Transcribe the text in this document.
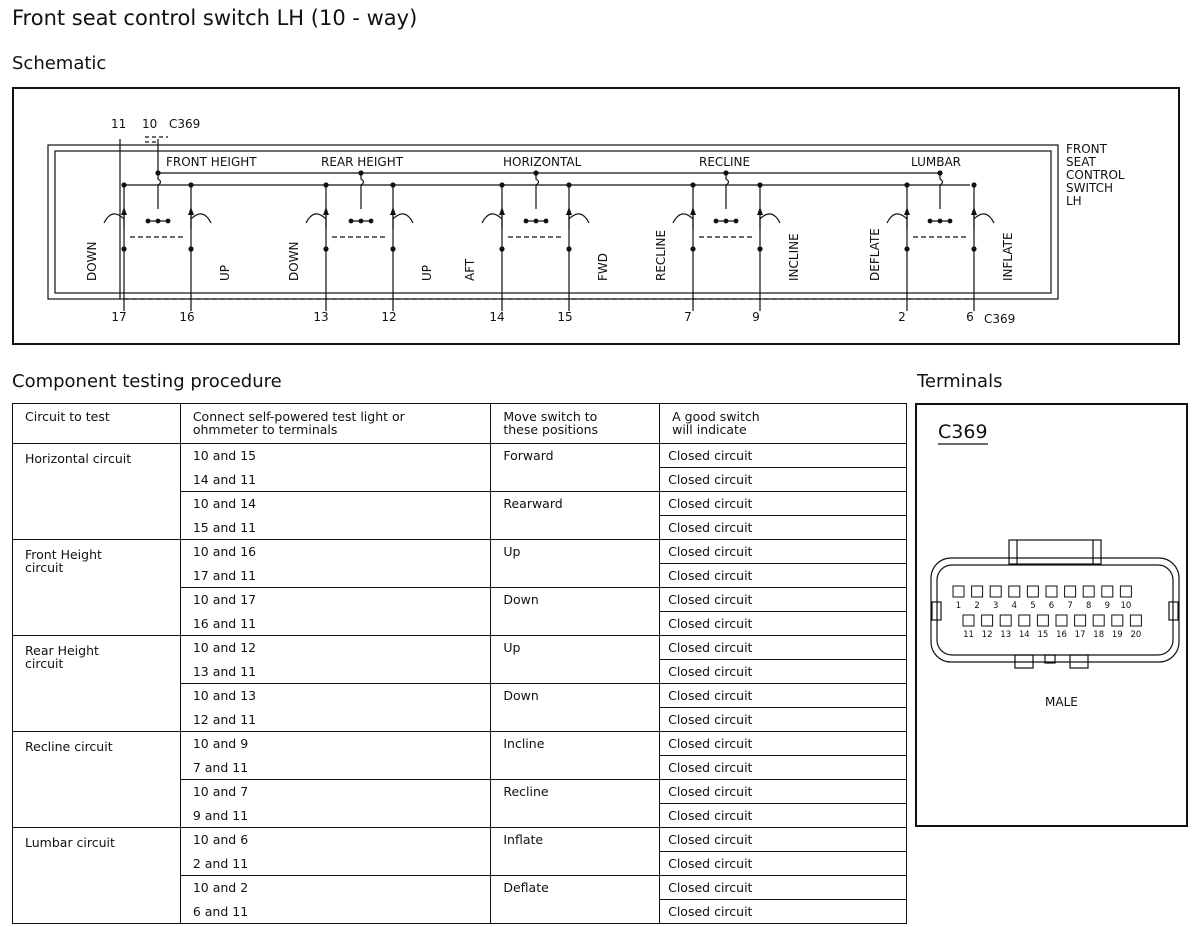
Front seat control switch LH (10 - way)
Schematic
FRONT HEIGHT
DOWN	UP
17	16
REAR HEIGHT
DOWN	UP
13	12
HORIZONTAL
AFT	FWD
14	15
RECLINE
RECLINE	INCLINE
7	9
LUMBAR
DEFLATE	INFLATE
2	6
11 10 C369
C369
FRONT
SEAT
CONTROL
SWITCH
LH
Component testing procedure
Circuit to test	Connect self-powered test light or ohmmeter to terminals	Move switch to these positions	A good switch will indicate
Horizontal circuit	10 and 15	Forward	Closed circuit
	14 and 11		Closed circuit
	10 and 14	Rearward	Closed circuit
	15 and 11		Closed circuit
Front Height circuit	10 and 16	Up	Closed circuit
	17 and 11		Closed circuit
	10 and 17	Down	Closed circuit
	16 and 11		Closed circuit
Rear Height circuit	10 and 12	Up	Closed circuit
	13 and 11		Closed circuit
	10 and 13	Down	Closed circuit
	12 and 11		Closed circuit
Recline circuit	10 and 9	Incline	Closed circuit
	7 and 11		Closed circuit
	10 and 7	Recline	Closed circuit
	9 and 11		Closed circuit
Lumbar circuit	10 and 6	Inflate	Closed circuit
	2 and 11		Closed circuit
	10 and 2	Deflate	Closed circuit
	6 and 11		Closed circuit
Terminals
C369
1 2 3 4 5 6 7 8 9 10
11 12 13 14 15 16 17 18 19 20
MALE
